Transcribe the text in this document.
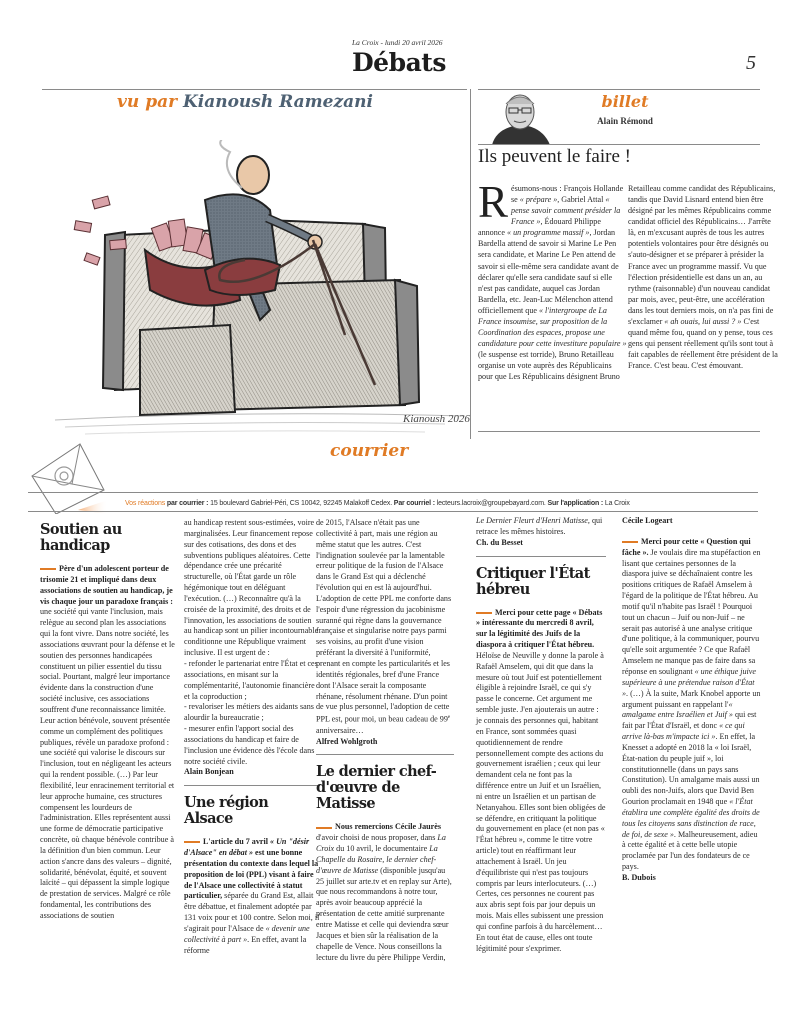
La Croix - lundi 20 avril 2026
Débats	5
vu par Kianoush Ramezani
Kianoush 2026
billet
Alain Rémond
Ils peuvent le faire !
R ésumons-nous : François Hollande se « prépare », Gabriel Attal « pense savoir comment présider la France », Édouard Philippe annonce « un programme massif », Jordan Bardella attend de savoir si Marine Le Pen sera candidate, et Marine Le Pen attend de savoir si elle-même sera candidate avant de déclarer qu'elle sera candidate sauf si elle n'est pas candidate, auquel cas Jordan Bardella, etc. Jean-Luc Mélenchon attend officiellement que « l'intergroupe de La France insoumise, sur proposition de la Coordination des espaces, propose une candidature pour cette investiture populaire » (le suspense est torride), Bruno Retailleau organise un vote auprès des Républicains pour que Les Républicains désignent Bruno
Retailleau comme candidat des Républicains, tandis que David Lisnard entend bien être désigné par les mêmes Républicains comme candidat officiel des Républicains… J'arrête là, en m'excusant auprès de tous les autres potentiels volontaires pour être désignés ou s'auto-désigner et se préparer à présider la France avec un programme massif. Vu que l'élection présidentielle est dans un an, au rythme (raisonnable) d'un nouveau candidat par mois, avec, peut-être, une accélération dans les tout derniers mois, on n'a pas fini de s'exclamer « ah ouais, lui aussi ? » C'est quand même fou, quand on y pense, tous ces gens qui pensent réellement qu'ils sont tout à fait capables de réellement être président de la France. C'est beau. C'est émouvant.
courrier
Vos réactions par courrier : 15 boulevard Gabriel-Péri, CS 10042, 92245 Malakoff Cedex. Par courriel : lecteurs.lacroix@groupebayard.com. Sur l'application : La Croix
Soutien au handicap

Père d'un adolescent porteur de trisomie 21 et impliqué dans deux associations de soutien au handicap, je vis chaque jour un paradoxe français : une société qui vante l'inclusion, mais relègue au second plan les associations qui la font vivre. Dans notre société, les associations œuvrant pour la défense et le soutien des personnes handicapées constituent un pilier essentiel du tissu social. Pourtant, malgré leur importance évidente dans la construction d'une société inclusive, ces associations souffrent d'une reconnaissance limitée. Leur action bénévole, souvent présentée comme un complément des politiques publiques, révèle un paradoxe profond : une société qui valorise le discours sur l'inclusion, tout en négligeant les acteurs qui la rendent possible. (…) Par leur flexibilité, leur enracinement territorial et leur approche humaine, ces structures compensent les lourdeurs de l'administration. Elles représentent aussi une forme de démocratie participative concrète, où chaque bénévole contribue à la définition d'un bien commun. Leur action s'ancre dans des valeurs – dignité, solidarité, bénévolat, équité, et souvent laïcité – qui dépassent la simple logique de prestation de services. Malgré ce rôle fondamental, les contributions des associations de soutien

au handicap restent sous-estimées, voire marginalisées. Leur financement repose sur des cotisations, des dons et des subventions publiques aléatoires. Cette dépendance crée une précarité structurelle, où l'État garde un rôle hégémonique tout en déléguant l'exécution. (…) Reconnaître qu'à la croisée de la proximité, des droits et de l'innovation, les associations de soutien au handicap sont un pilier incontournable conditionne une République vraiment inclusive. Il est urgent de :

- refonder le partenariat entre l'État et ces associations, en misant sur la complémentarité, l'autonomie financière et la coproduction ;

- revaloriser les métiers des aidants sans alourdir la bureaucratie ;

- mesurer enfin l'apport social des associations du handicap et faire de l'inclusion une évidence dès l'école dans notre société civile.

Alain Bonjean

Une région Alsace

L'article du 7 avril « Un "désir d'Alsace" en débat » est une bonne présentation du contexte dans lequel la proposition de loi (PPL) visant à faire de l'Alsace une collectivité à statut particulier, séparée du Grand Est, allait être débattue, et finalement adoptée par 131 voix pour et 100 contre. Selon moi, il s'agirait pour l'Alsace de « devenir une collectivité à part ». En effet, avant la réforme

de 2015, l'Alsace n'était pas une collectivité à part, mais une région au même statut que les autres. C'est l'indignation soulevée par la lamentable erreur politique de la fusion de l'Alsace dans le Grand Est qui a déclenché l'évolution qui en est là aujourd'hui. L'adoption de cette PPL me conforte dans l'espoir d'une régression du jacobinisme suranné qui règne dans la gouvernance française et singularise notre pays parmi ses voisins, au profit d'une vision préférant la diversité à l'uniformité, prenant en compte les particularités et les identités régionales, bref d'une France dont l'Alsace serait la composante rhénane, résolument rhénane. D'un point de vue plus personnel, l'adoption de cette PPL est, pour moi, un beau cadeau de 99e anniversaire…

Alfred Wohlgroth

Le dernier chef-d'œuvre de Matisse

Nous remercions Cécile Jaurès d'avoir choisi de nous proposer, dans La Croix du 10 avril, le documentaire La Chapelle du Rosaire, le dernier chef-d'œuvre de Matisse (disponible jusqu'au 25 juillet sur arte.tv et en replay sur Arte), que nous recommandons à notre tour, après avoir beaucoup apprécié la présentation de cette amitié surprenante entre Matisse et celle qui deviendra sœur Jacques et bien sûr la réalisation de la chapelle de Vence. Nous conseillons la lecture du livre du père Philippe Verdin,

Le Dernier Fleurt d'Henri Matisse, qui retrace les mêmes histoires.

Ch. du Besset

Critiquer l'État hébreu

Merci pour cette page « Débats » intéressante du mercredi 8 avril, sur la légitimité des Juifs de la diaspora à critiquer l'État hébreu. Héloïse de Neuville y donne la parole à Rafaël Amselem, qui dit que dans la mesure où tout Juif est potentiellement éligible à rejoindre Israël, ce qui s'y passe le concerne. Cet argument me semble juste. J'en ajouterais un autre : je connais des personnes qui, habitant en France, sont sommées quasi quotidiennement de rendre personnellement compte des actions du gouvernement israélien ; ceux qui leur demandent cela ne font pas la différence entre un Juif et un Israélien, ni entre un Israélien et un partisan de Netanyahou. Elles sont bien obligées de se défendre, en critiquant la politique du gouvernement en place (et non pas « l'État hébreu », comme le titre votre article) tout en réaffirmant leur attachement à Israël. Un jeu d'équilibriste qui n'est pas toujours compris par leurs interlocuteurs. (…) Certes, ces personnes ne courent pas aux abris sept fois par jour depuis un mois. Mais elles subissent une pression qui confine parfois à du harcèlement… En tout état de cause, elles ont toute légitimité pour s'exprimer.

Cécile Logeart

Merci pour cette « Question qui fâche ». Je voulais dire ma stupéfaction en lisant que certaines personnes de la diaspora juive se déchaînaient contre les positions critiques de Rafaël Amselem à l'égard de la politique de l'État hébreu. Au motif qu'il n'habite pas Israël ! Pourquoi tout un chacun – Juif ou non-Juif – ne serait pas autorisé à une analyse critique d'une politique, à la communiquer, pourvu qu'elle soit argumentée ? Ce que Rafaël Amselem ne manque pas de faire dans sa réponse en soulignant « une éthique juive supérieure à une prétendue raison d'État ». (…) À la suite, Mark Knobel apporte un argument puissant en rappelant l'« amalgame entre Israélien et Juif » qui est fait par l'État d'Israël, et donc « ce qui arrive là-bas m'impacte ici ». En effet, la Knesset a adopté en 2018 la « loi Israël, État-nation du peuple juif », loi constitutionnelle (dans un pays sans Constitution). Un amalgame mais aussi un oubli des non-Juifs, alors que David Ben Gourion proclamait en 1948 que « l'État établira une complète égalité des droits de tous les citoyens sans distinction de race, de foi, de sexe ». Malheureusement, adieu à cette égalité et à cette belle utopie proclamée par l'un des fondateurs de ce pays.

B. Dubois
